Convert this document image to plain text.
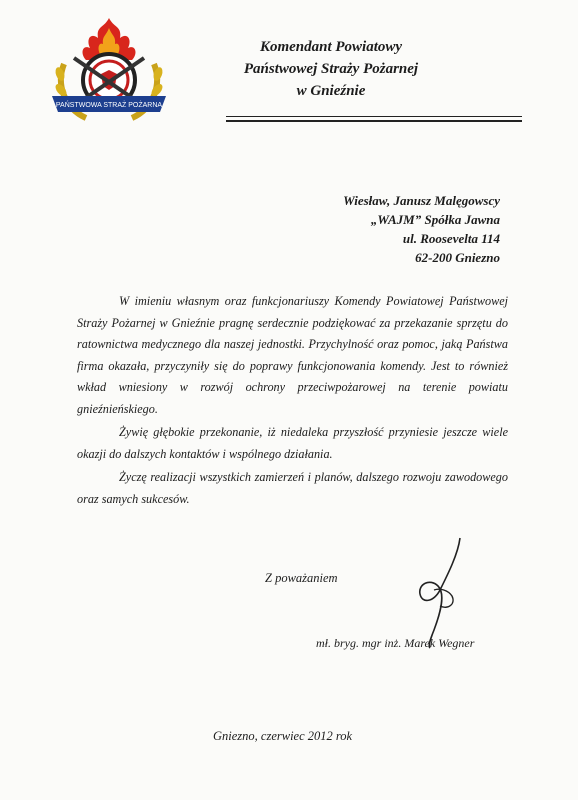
PAŃSTWOWA STRAŻ POŻARNA
Komendant Powiatowy
Państwowej Straży Pożarnej
w Gnieźnie
Wiesław, Janusz Malęgowscy
„WAJM” Spółka Jawna
ul. Roosevelta 114
62-200 Gniezno

W imieniu własnym oraz funkcjonariuszy Komendy Powiatowej Państwowej Straży Pożarnej w Gnieźnie pragnę serdecznie podziękować za przekazanie sprzętu do ratownictwa medycznego dla naszej jednostki. Przychylność oraz pomoc, jaką Państwa firma okazała, przyczyniły się do poprawy funkcjonowania komendy. Jest to również wkład wniesiony w rozwój ochrony przeciwpożarowej na terenie powiatu gnieźnieńskiego.

Żywię głębokie przekonanie, iż niedaleka przyszłość przyniesie jeszcze wiele okazji do dalszych kontaktów i wspólnego działania.

Życzę realizacji wszystkich zamierzeń i planów, dalszego rozwoju zawodowego oraz samych sukcesów.

Z poważaniem
mł. bryg. mgr inż. Marek Wegner
Gniezno, czerwiec 2012 rok
